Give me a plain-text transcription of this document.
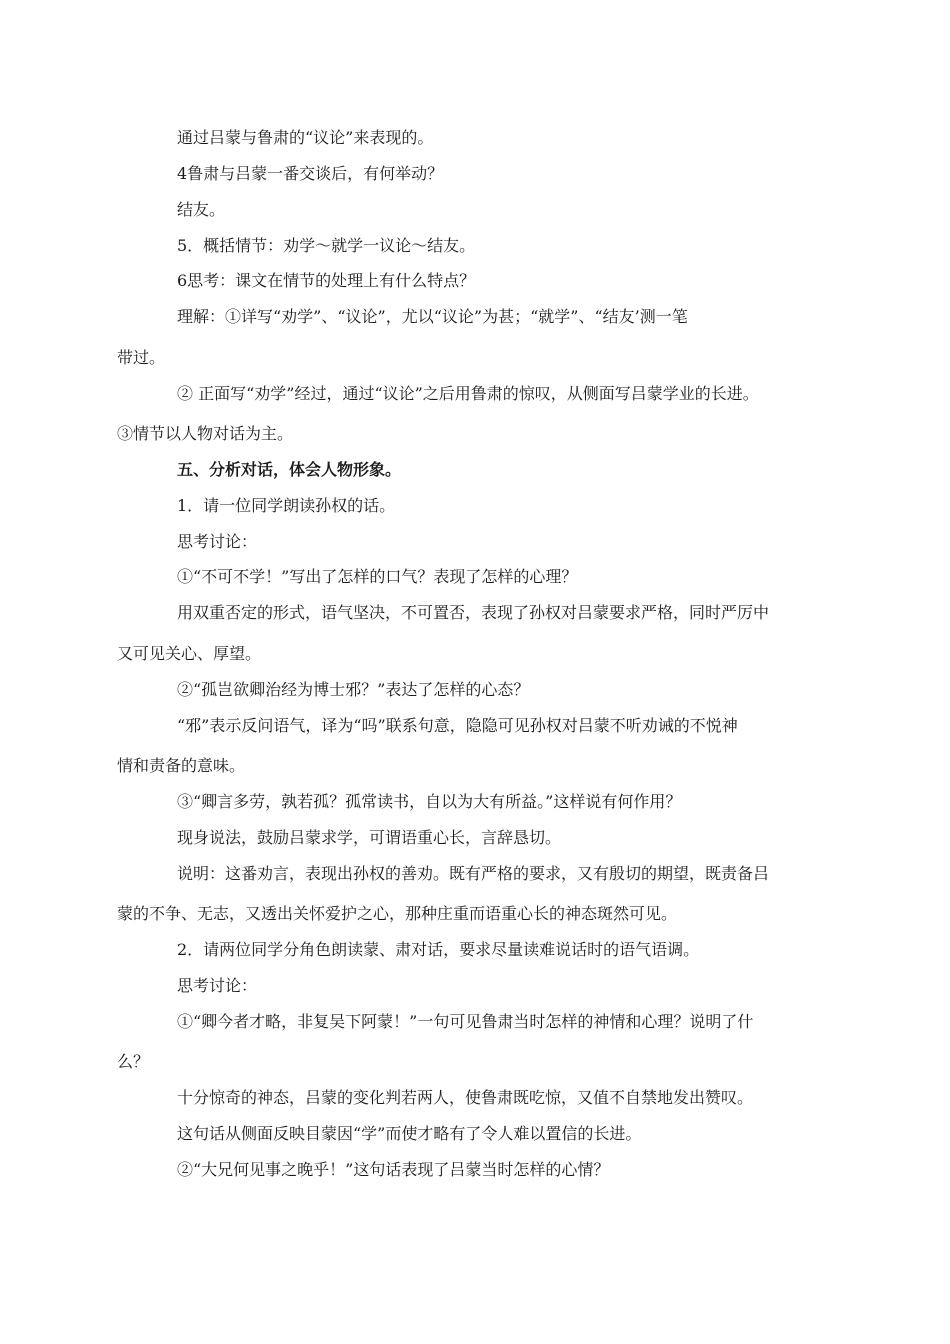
通过吕蒙与鲁肃的“议论”来表现的。
4鲁肃与吕蒙一番交谈后，有何举动？
结友。
5．概括情节：劝学～就学一议论～结友。
6思考：课文在情节的处理上有什么特点？
理解：①详写“劝学”、“议论”，尤以“议论”为甚；“就学”、“结友’测一笔
带过。
② 正面写“劝学”经过，通过“议论”之后用鲁肃的惊叹，从侧面写吕蒙学业的长进。
③情节以人物对话为主。
五、分析对话，体会人物形象。
1．请一位同学朗读孙权的话。
思考讨论：
①“不可不学！”写出了怎样的口气？表现了怎样的心理？
用双重否定的形式，语气坚决，不可置否，表现了孙权对吕蒙要求严格，同时严厉中
又可见关心、厚望。
②“孤岂欲卿治经为博士邪？”表达了怎样的心态？
“邪”表示反问语气，译为“吗”联系句意，隐隐可见孙权对吕蒙不听劝诫的不悦神
情和责备的意味。
③“卿言多劳，孰若孤？孤常读书，自以为大有所益。”这样说有何作用？
现身说法，鼓励吕蒙求学，可谓语重心长，言辞恳切。
说明：这番劝言，表现出孙权的善劝。既有严格的要求，又有殷切的期望，既责备吕
蒙的不争、无志，又透出关怀爱护之心，那种庄重而语重心长的神态斑然可见。
2．请两位同学分角色朗读蒙、肃对话，要求尽量读难说话时的语气语调。
思考讨论：
①“卿今者才略，非复吴下阿蒙！”一句可见鲁肃当时怎样的神情和心理？说明了什
么？
十分惊奇的神态，吕蒙的变化判若两人，使鲁肃既吃惊，又值不自禁地发出赞叹。
这句话从侧面反映目蒙因“学”而使才略有了令人难以置信的长进。
②“大兄何见事之晚乎！”这句话表现了吕蒙当时怎样的心情？
